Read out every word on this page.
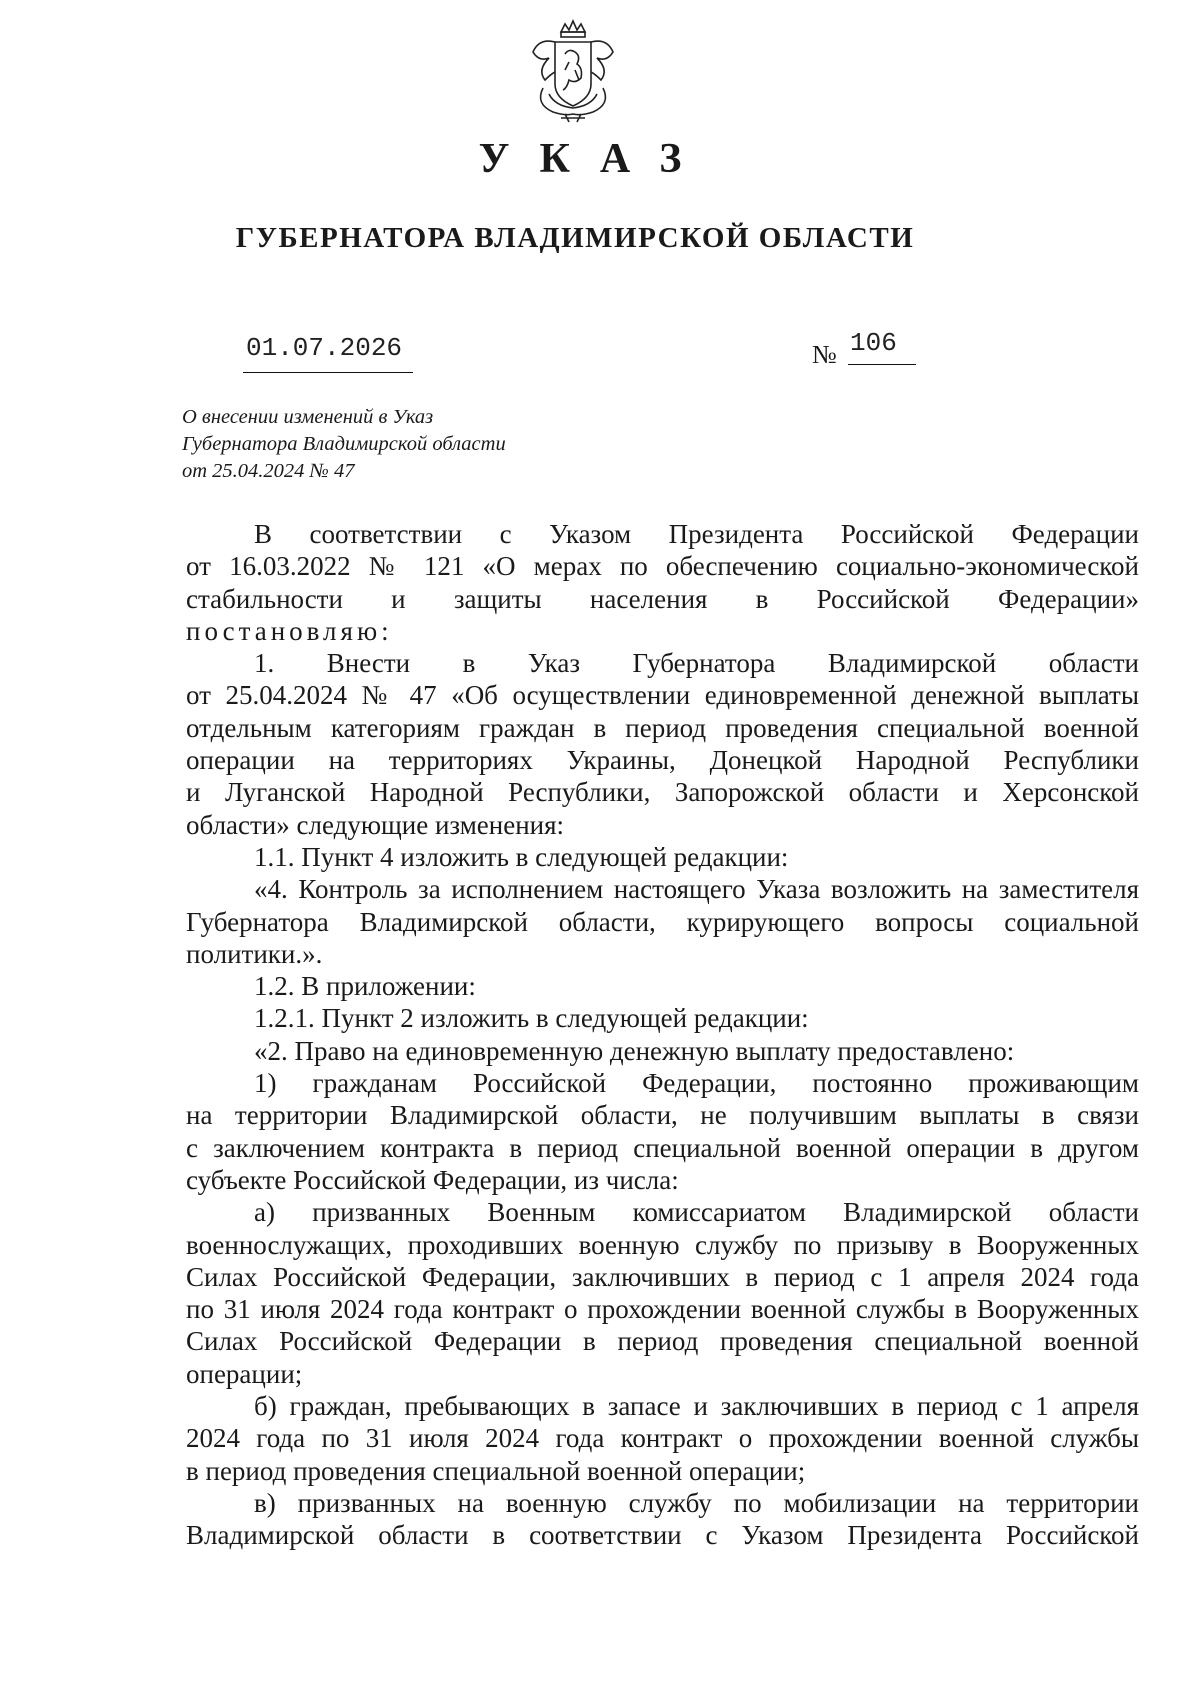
УКАЗ
ГУБЕРНАТОРА ВЛАДИМИРСКОЙ ОБЛАСТИ
01.07.2026	№ 106
О внесении изменений в Указ
Губернатора Владимирской области
от 25.04.2024 № 47
В соответствии с Указом Президента Российской Федерации
от 16.03.2022 № 121 «О мерах по обеспечению социально-экономической
стабильности и защиты населения в Российской Федерации»
постановляю:
1. Внести в Указ Губернатора Владимирской области
от 25.04.2024 № 47 «Об осуществлении единовременной денежной выплаты
отдельным категориям граждан в период проведения специальной военной
операции на территориях Украины, Донецкой Народной Республики
и Луганской Народной Республики, Запорожской области и Херсонской
области» следующие изменения:
1.1. Пункт 4 изложить в следующей редакции:
«4. Контроль за исполнением настоящего Указа возложить на заместителя
Губернатора Владимирской области, курирующего вопросы социальной
политики.».
1.2. В приложении:
1.2.1. Пункт 2 изложить в следующей редакции:
«2. Право на единовременную денежную выплату предоставлено:
1) гражданам Российской Федерации, постоянно проживающим
на территории Владимирской области, не получившим выплаты в связи
с заключением контракта в период специальной военной операции в другом
субъекте Российской Федерации, из числа:
а) призванных Военным комиссариатом Владимирской области
военнослужащих, проходивших военную службу по призыву в Вооруженных
Силах Российской Федерации, заключивших в период с 1 апреля 2024 года
по 31 июля 2024 года контракт о прохождении военной службы в Вооруженных
Силах Российской Федерации в период проведения специальной военной
операции;
б) граждан, пребывающих в запасе и заключивших в период с 1 апреля
2024 года по 31 июля 2024 года контракт о прохождении военной службы
в период проведения специальной военной операции;
в) призванных на военную службу по мобилизации на территории
Владимирской области в соответствии с Указом Президента Российской
